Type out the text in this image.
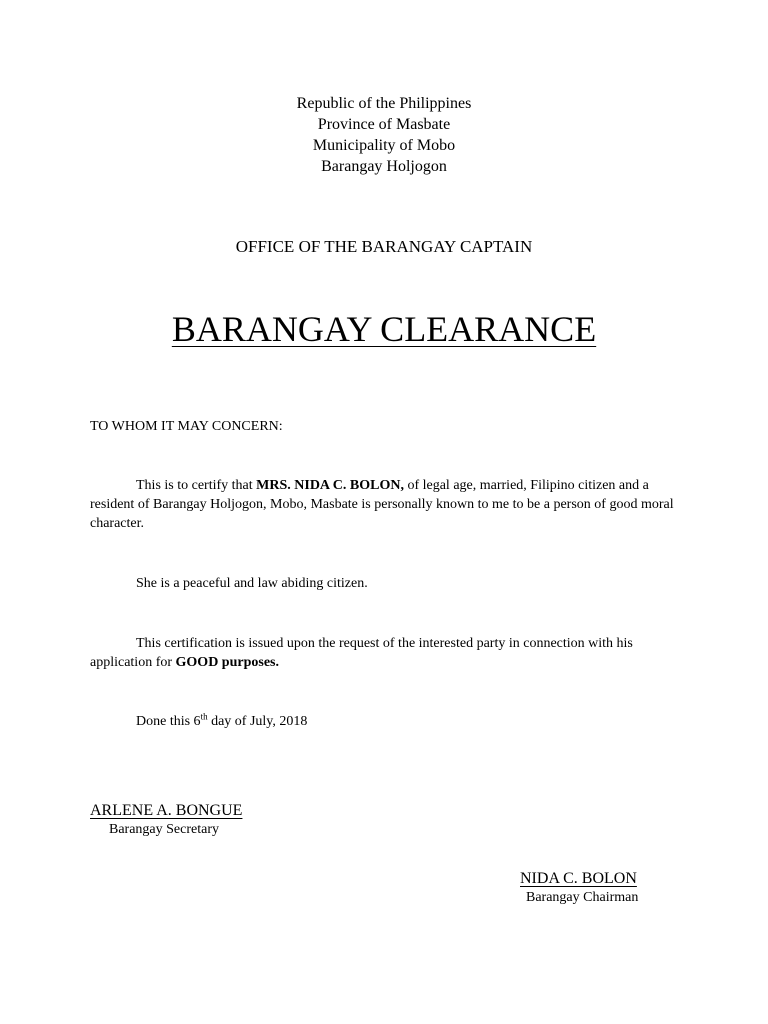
Republic of the Philippines
Province of Masbate
Municipality of Mobo
Barangay Holjogon
OFFICE OF THE BARANGAY CAPTAIN
BARANGAY CLEARANCE
TO WHOM IT MAY CONCERN:
This is to certify that MRS. NIDA C. BOLON, of legal age, married, Filipino citizen and a resident of Barangay Holjogon, Mobo, Masbate is personally known to me to be a person of good moral character.
She is a peaceful and law abiding citizen.
This certification is issued upon the request of the interested party in connection with his application for GOOD purposes.
Done this 6th day of July, 2018
ARLENE A. BONGUE
Barangay Secretary
NIDA C. BOLON
Barangay Chairman
